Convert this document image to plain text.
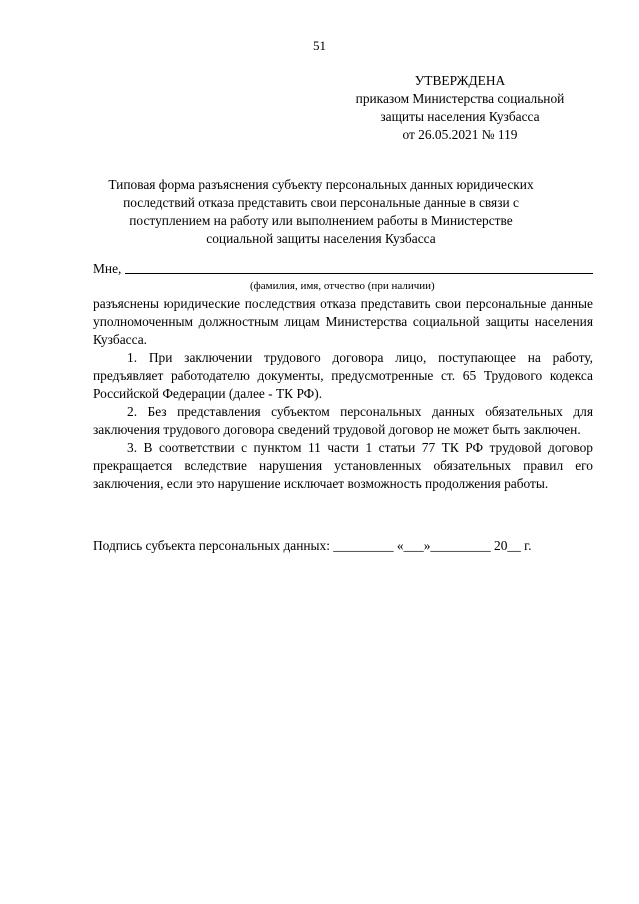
51
УТВЕРЖДЕНА
приказом Министерства социальной
защиты населения Кузбасса
от 26.05.2021 № 119
Типовая форма разъяснения субъекту персональных данных юридических
последствий отказа представить свои персональные данные в связи с
поступлением на работу или выполнением работы в Министерстве
социальной защиты населения Кузбасса
Мне,
(фамилия, имя, отчество (при наличии)

разъяснены юридические последствия отказа представить свои персональные данные уполномоченным должностным лицам Министерства социальной защиты населения Кузбасса.

1. При заключении трудового договора лицо, поступающее на работу, предъявляет работодателю документы, предусмотренные ст. 65 Трудового кодекса Российской Федерации (далее - ТК РФ).

2. Без представления субъектом персональных данных обязательных для заключения трудового договора сведений трудовой договор не может быть заключен.

3. В соответствии с пунктом 11 части 1 статьи 77 ТК РФ трудовой договор прекращается вследствие нарушения установленных обязательных правил его заключения, если это нарушение исключает возможность продолжения работы.

Подпись субъекта персональных данных: _________ «___»_________ 20__ г.
